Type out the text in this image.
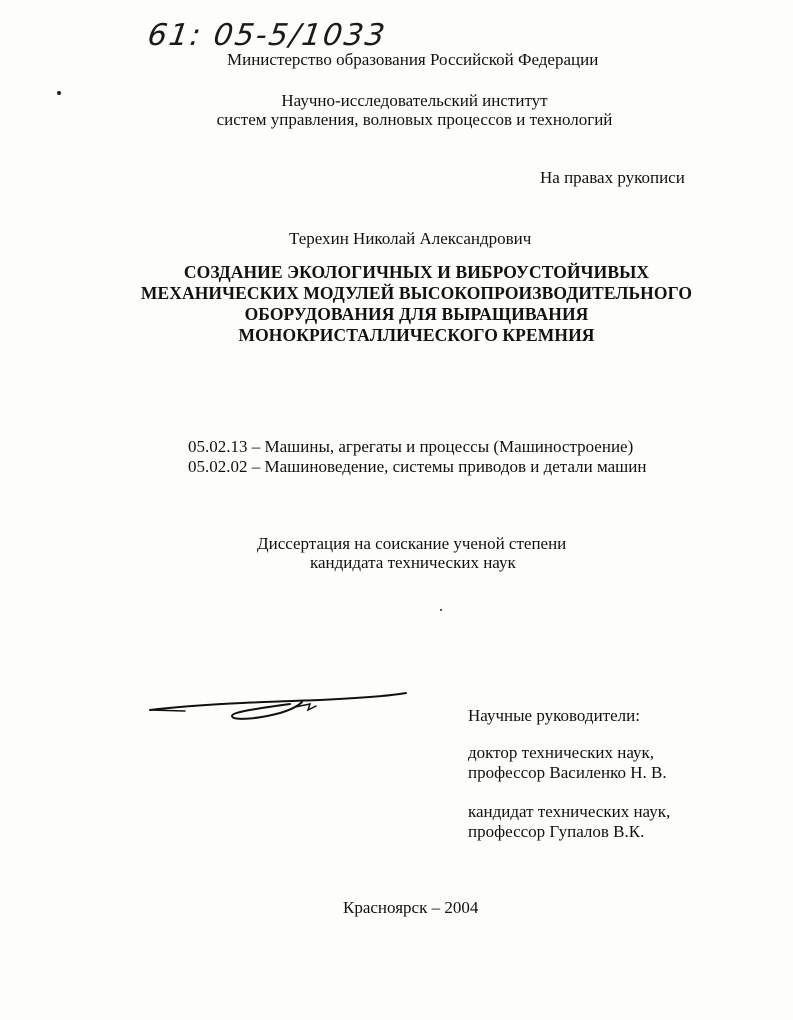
61: 05-5/1033
Министерство образования Российской Федерации
Научно-исследовательский институт
систем управления, волновых процессов и технологий
На правах рукописи
Терехин Николай Александрович
СОЗДАНИЕ ЭКОЛОГИЧНЫХ И ВИБРОУСТОЙЧИВЫХ
МЕХАНИЧЕСКИХ МОДУЛЕЙ ВЫСОКОПРОИЗВОДИТЕЛЬНОГО
ОБОРУДОВАНИЯ ДЛЯ ВЫРАЩИВАНИЯ
МОНОКРИСТАЛЛИЧЕСКОГО КРЕМНИЯ
05.02.13 – Машины, агрегаты и процессы (Машиностроение)
05.02.02 – Машиноведение, системы приводов и детали машин
Диссертация на соискание ученой степени
кандидата технических наук
Научные руководители:
доктор технических наук,
профессор Василенко Н. В.
кандидат технических наук,
профессор Гупалов В.К.
Красноярск – 2004
